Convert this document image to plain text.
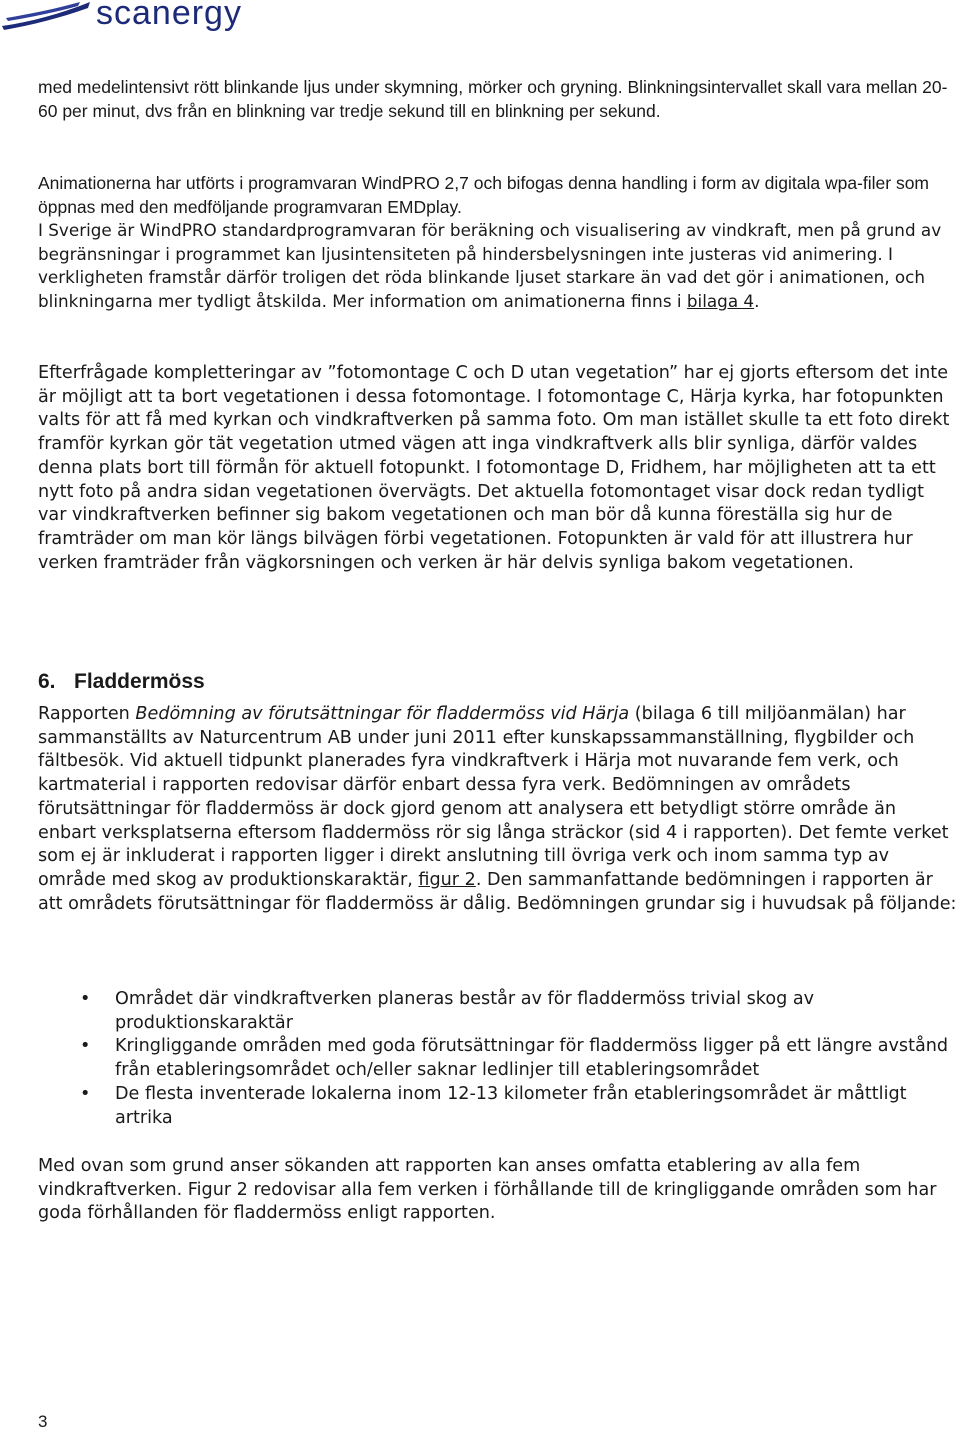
scanergy
med medelintensivt rött blinkande ljus under skymning, mörker och gryning. Blinkningsintervallet skall vara mellan 20-60 per minut, dvs från en blinkning var tredje sekund till en blinkning per sekund.
Animationerna har utförts i programvaran WindPRO 2,7 och bifogas denna handling i form av digitala wpa-filer som öppnas med den medföljande programvaran EMDplay.
I Sverige är WindPRO standardprogramvaran för beräkning och visualisering av vindkraft, men på grund av begränsningar i programmet kan ljusintensiteten på hindersbelysningen inte justeras vid animering. I verkligheten framstår därför troligen det röda blinkande ljuset starkare än vad det gör i animationen, och blinkningarna mer tydligt åtskilda. Mer information om animationerna finns i bilaga 4.
Efterfrågade kompletteringar av ”fotomontage C och D utan vegetation” har ej gjorts eftersom det inte är möjligt att ta bort vegetationen i dessa fotomontage. I fotomontage C, Härja kyrka, har fotopunkten valts för att få med kyrkan och vindkraftverken på samma foto. Om man istället skulle ta ett foto direkt framför kyrkan gör tät vegetation utmed vägen att inga vindkraftverk alls blir synliga, därför valdes denna plats bort till förmån för aktuell fotopunkt. I fotomontage D, Fridhem, har möjligheten att ta ett nytt foto på andra sidan vegetationen övervägts. Det aktuella fotomontaget visar dock redan tydligt var vindkraftverken befinner sig bakom vegetationen och man bör då kunna föreställa sig hur de framträder om man kör längs bilvägen förbi vegetationen. Fotopunkten är vald för att illustrera hur verken framträder från vägkorsningen och verken är här delvis synliga bakom vegetationen.
6. Fladdermöss
Rapporten Bedömning av förutsättningar för fladdermöss vid Härja (bilaga 6 till miljöanmälan) har sammanställts av Naturcentrum AB under juni 2011 efter kunskapssammanställning, flygbilder och fältbesök. Vid aktuell tidpunkt planerades fyra vindkraftverk i Härja mot nuvarande fem verk, och kartmaterial i rapporten redovisar därför enbart dessa fyra verk. Bedömningen av områdets förutsättningar för fladdermöss är dock gjord genom att analysera ett betydligt större område än enbart verksplatserna eftersom fladdermöss rör sig långa sträckor (sid 4 i rapporten). Det femte verket som ej är inkluderat i rapporten ligger i direkt anslutning till övriga verk och inom samma typ av område med skog av produktionskaraktär, figur 2. Den sammanfattande bedömningen i rapporten är att områdets förutsättningar för fladdermöss är dålig. Bedömningen grundar sig i huvudsak på följande:
• Området där vindkraftverken planeras består av för fladdermöss trivial skog av produktionskaraktär
• Kringliggande områden med goda förutsättningar för fladdermöss ligger på ett längre avstånd från etableringsområdet och/eller saknar ledlinjer till etableringsområdet
• De flesta inventerade lokalerna inom 12-13 kilometer från etableringsområdet är måttligt artrika
Med ovan som grund anser sökanden att rapporten kan anses omfatta etablering av alla fem vindkraftverken. Figur 2 redovisar alla fem verken i förhållande till de kringliggande områden som har goda förhållanden för fladdermöss enligt rapporten.
3
